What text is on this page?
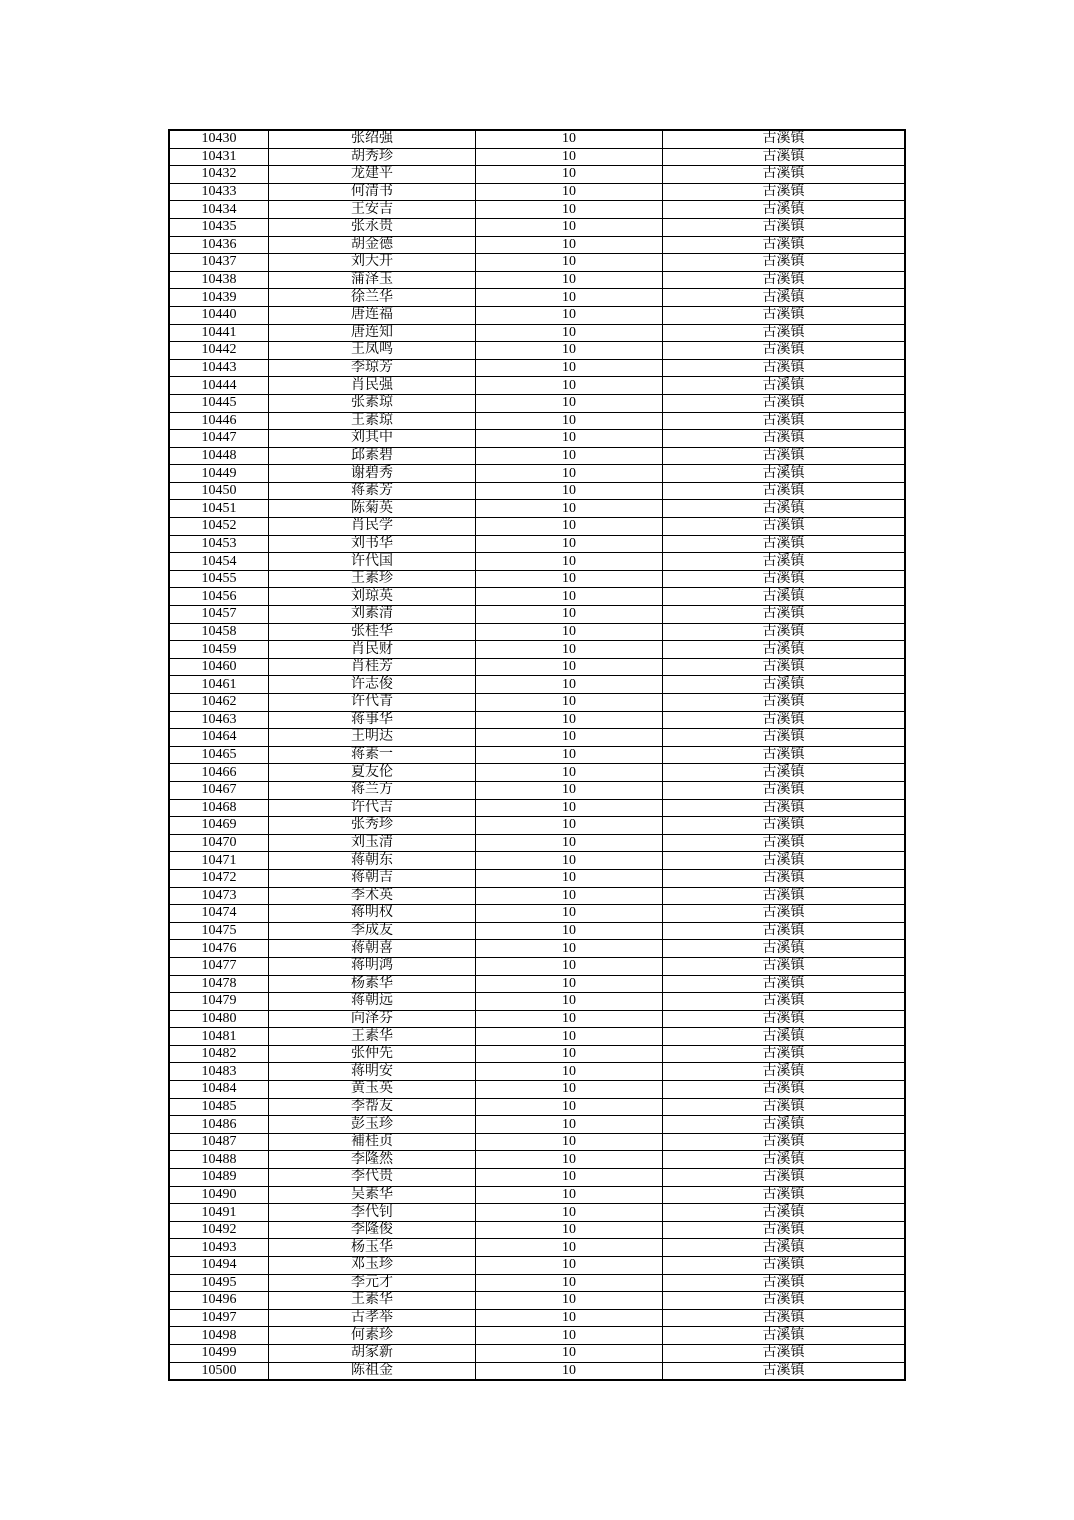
10430	张绍强	10	古溪镇
10431	胡秀珍	10	古溪镇
10432	龙建平	10	古溪镇
10433	何清书	10	古溪镇
10434	王安吉	10	古溪镇
10435	张永贵	10	古溪镇
10436	胡金德	10	古溪镇
10437	刘大开	10	古溪镇
10438	蒲泽玉	10	古溪镇
10439	徐兰华	10	古溪镇
10440	唐连福	10	古溪镇
10441	唐连知	10	古溪镇
10442	王凤鸣	10	古溪镇
10443	李琼芳	10	古溪镇
10444	肖民强	10	古溪镇
10445	张素琼	10	古溪镇
10446	王素琼	10	古溪镇
10447	刘其中	10	古溪镇
10448	邱素碧	10	古溪镇
10449	谢碧秀	10	古溪镇
10450	蒋素芳	10	古溪镇
10451	陈菊英	10	古溪镇
10452	肖民学	10	古溪镇
10453	刘书华	10	古溪镇
10454	许代国	10	古溪镇
10455	王素珍	10	古溪镇
10456	刘琼英	10	古溪镇
10457	刘素清	10	古溪镇
10458	张桂华	10	古溪镇
10459	肖民财	10	古溪镇
10460	肖桂芳	10	古溪镇
10461	许志俊	10	古溪镇
10462	许代青	10	古溪镇
10463	蒋事华	10	古溪镇
10464	王明达	10	古溪镇
10465	蒋素一	10	古溪镇
10466	夏友伦	10	古溪镇
10467	蒋兰方	10	古溪镇
10468	许代吉	10	古溪镇
10469	张秀珍	10	古溪镇
10470	刘玉清	10	古溪镇
10471	蒋朝东	10	古溪镇
10472	蒋朝吉	10	古溪镇
10473	李术英	10	古溪镇
10474	蒋明权	10	古溪镇
10475	李成友	10	古溪镇
10476	蒋朝喜	10	古溪镇
10477	蒋明鸿	10	古溪镇
10478	杨素华	10	古溪镇
10479	蒋朝远	10	古溪镇
10480	向泽芬	10	古溪镇
10481	王素华	10	古溪镇
10482	张仲先	10	古溪镇
10483	蒋明安	10	古溪镇
10484	黄玉英	10	古溪镇
10485	李帮友	10	古溪镇
10486	彭玉珍	10	古溪镇
10487	補桂贞	10	古溪镇
10488	李隆然	10	古溪镇
10489	李代贵	10	古溪镇
10490	吴素华	10	古溪镇
10491	李代钊	10	古溪镇
10492	李隆俊	10	古溪镇
10493	杨玉华	10	古溪镇
10494	邓玉珍	10	古溪镇
10495	李元才	10	古溪镇
10496	王素华	10	古溪镇
10497	古孝举	10	古溪镇
10498	何素珍	10	古溪镇
10499	胡家新	10	古溪镇
10500	陈祖金	10	古溪镇
